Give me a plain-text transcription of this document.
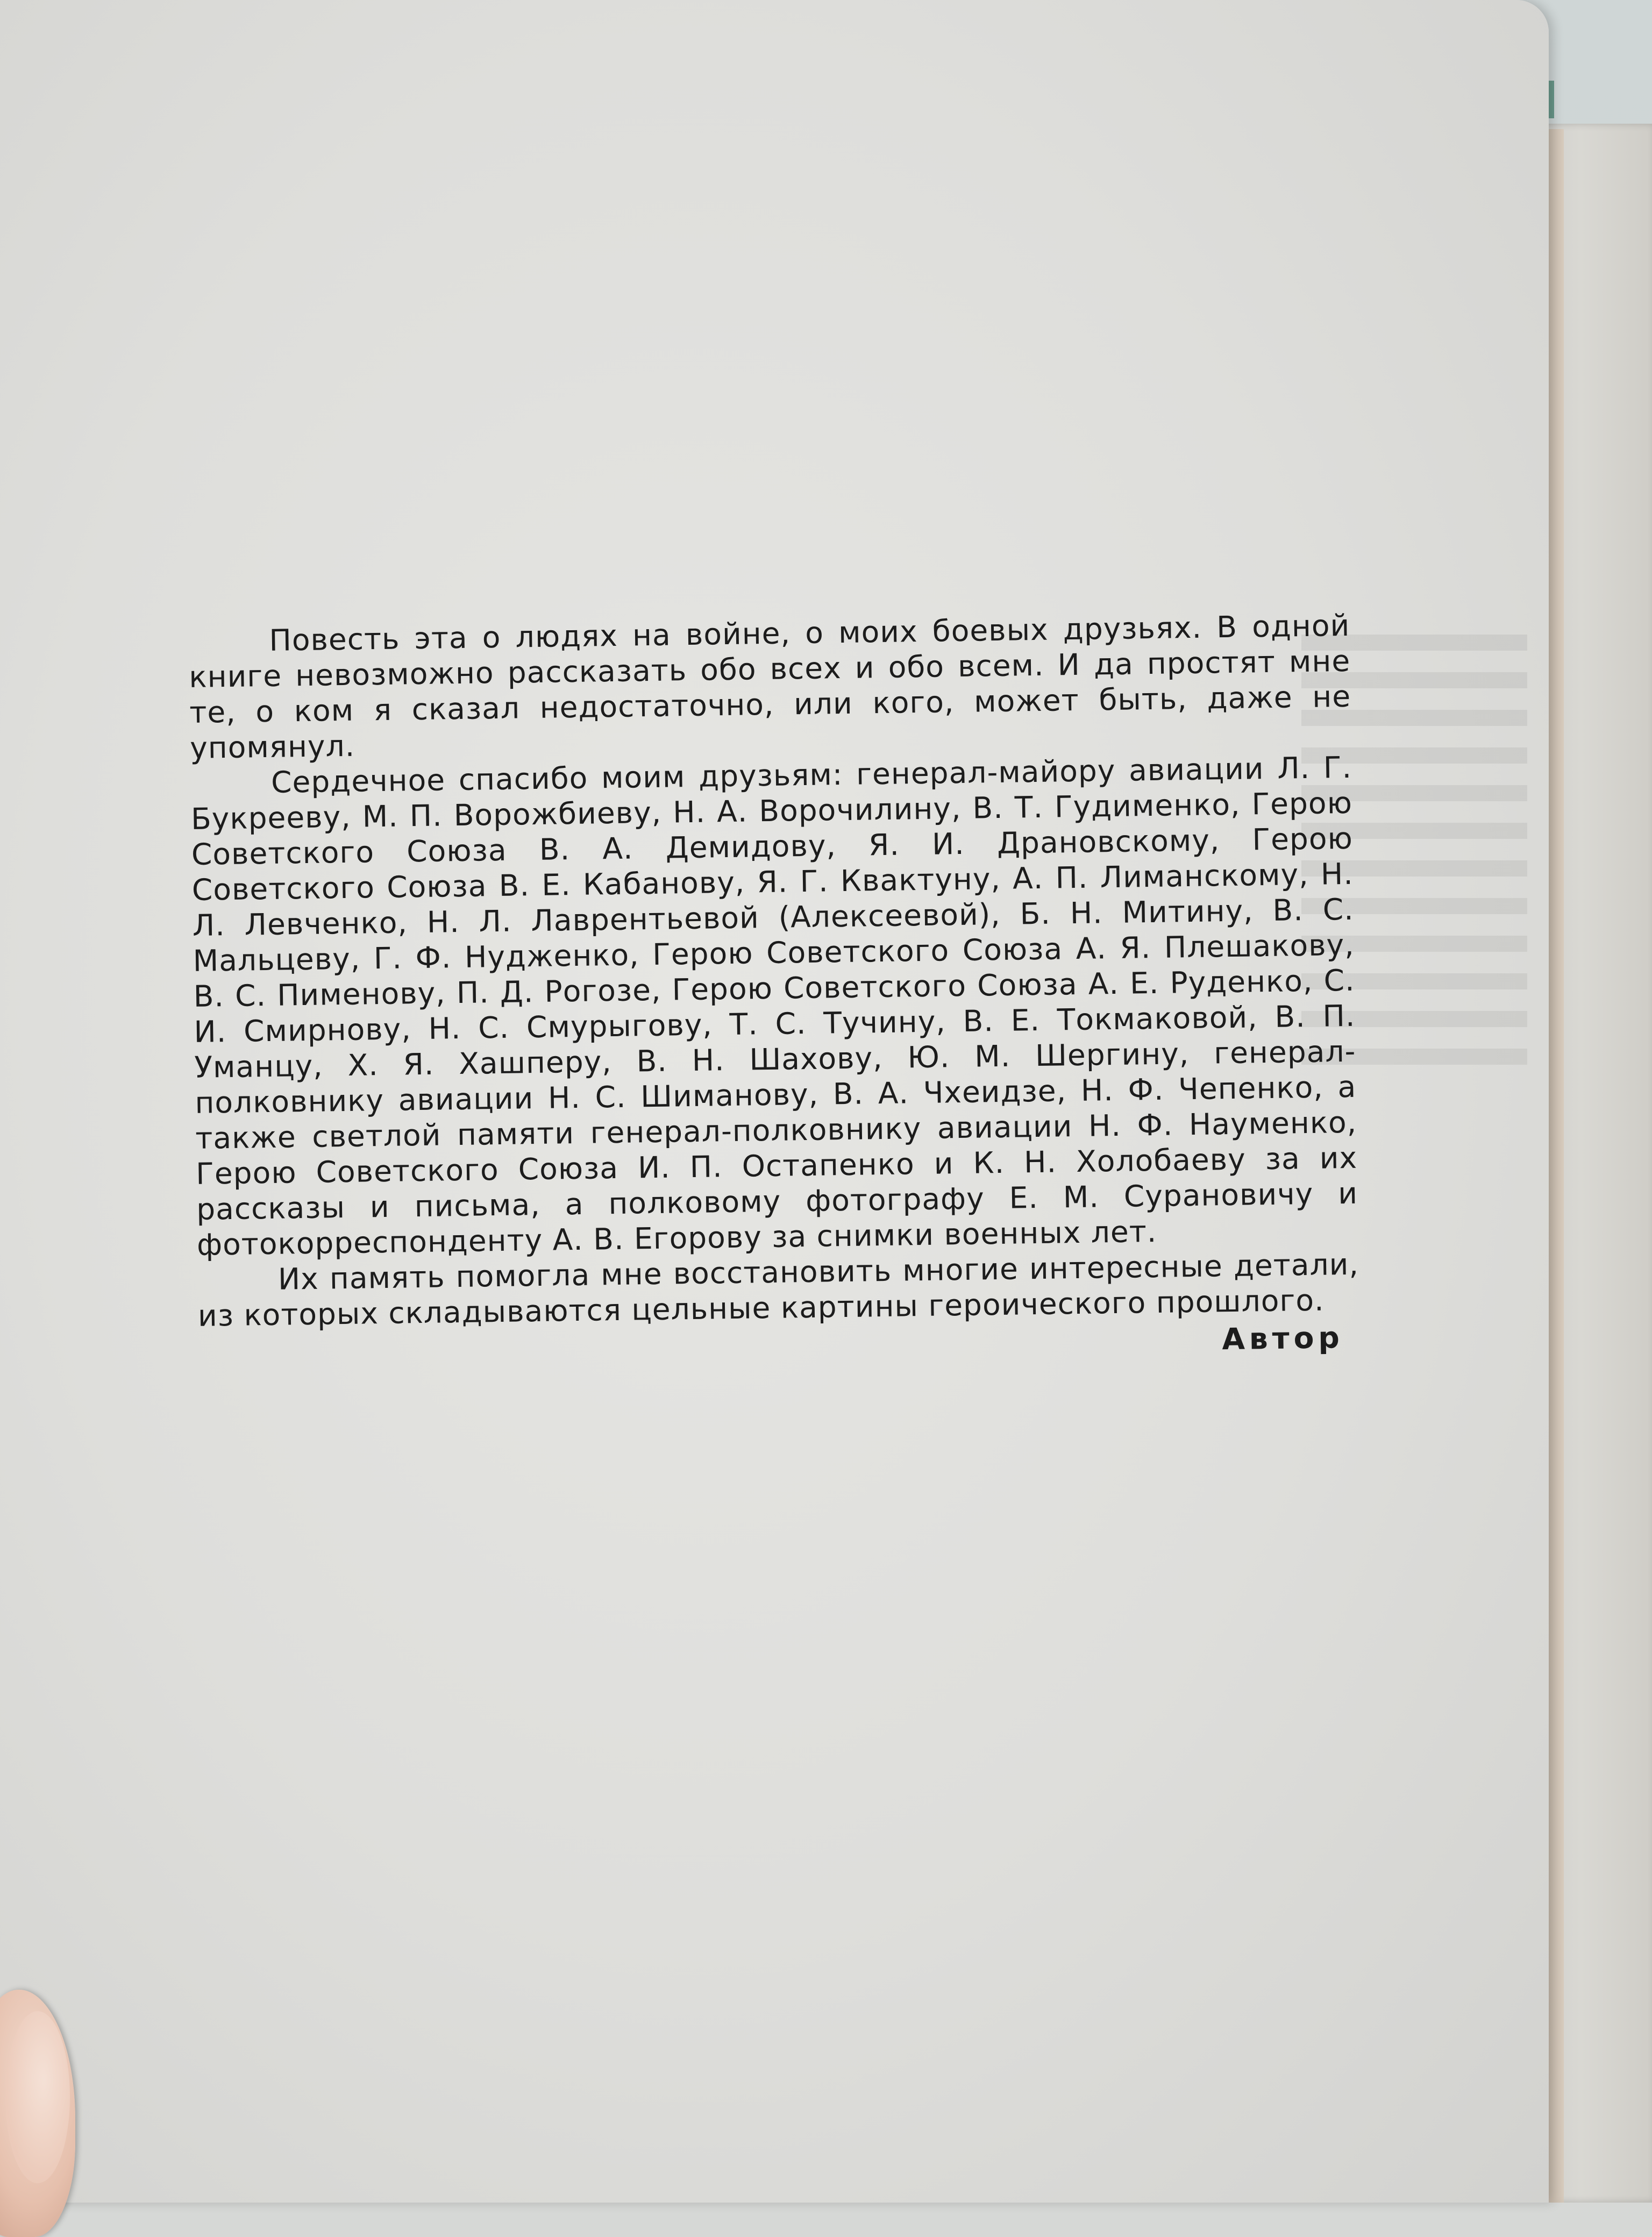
Повесть эта о людях на войне, о моих боевых друзьях. В одной книге невозможно рассказать обо всех и обо всем. И да простят мне те, о ком я сказал недостаточно, или кого, может быть, даже не упомянул.

Сердечное спасибо моим друзьям: генерал-майору авиации Л. Г. Букрееву, М. П. Ворожбиеву, Н. А. Ворочилину, В. Т. Гудименко, Герою Советского Союза В. А. Демидову, Я. И. Драновскому, Герою Советского Союза В. Е. Кабанову, Я. Г. Квактуну, А. П. Лиманскому, Н. Л. Левченко, Н. Л. Лаврентьевой (Алексеевой), Б. Н. Митину, В. С. Мальцеву, Г. Ф. Нудженко, Герою Советского Союза А. Я. Плешакову, В. С. Пименову, П. Д. Рогозе, Герою Советского Союза А. Е. Руденко, С. И. Смирнову, Н. С. Смурыгову, Т. С. Тучину, В. Е. Токмаковой, В. П. Уманцу, Х. Я. Хашперу, В. Н. Шахову, Ю. М. Шергину, генерал-полковнику авиации Н. С. Шиманову, В. А. Чхеидзе, Н. Ф. Чепенко, а также светлой памяти генерал-полковнику авиации Н. Ф. Науменко, Герою Советского Союза И. П. Остапенко и К. Н. Холобаеву за их рассказы и письма, а полковому фотографу Е. М. Сурановичу и фотокорреспонденту А. В. Егорову за снимки военных лет.

Их память помогла мне восстановить многие интересные детали, из которых складываются цельные картины героического прошлого.

Автор
